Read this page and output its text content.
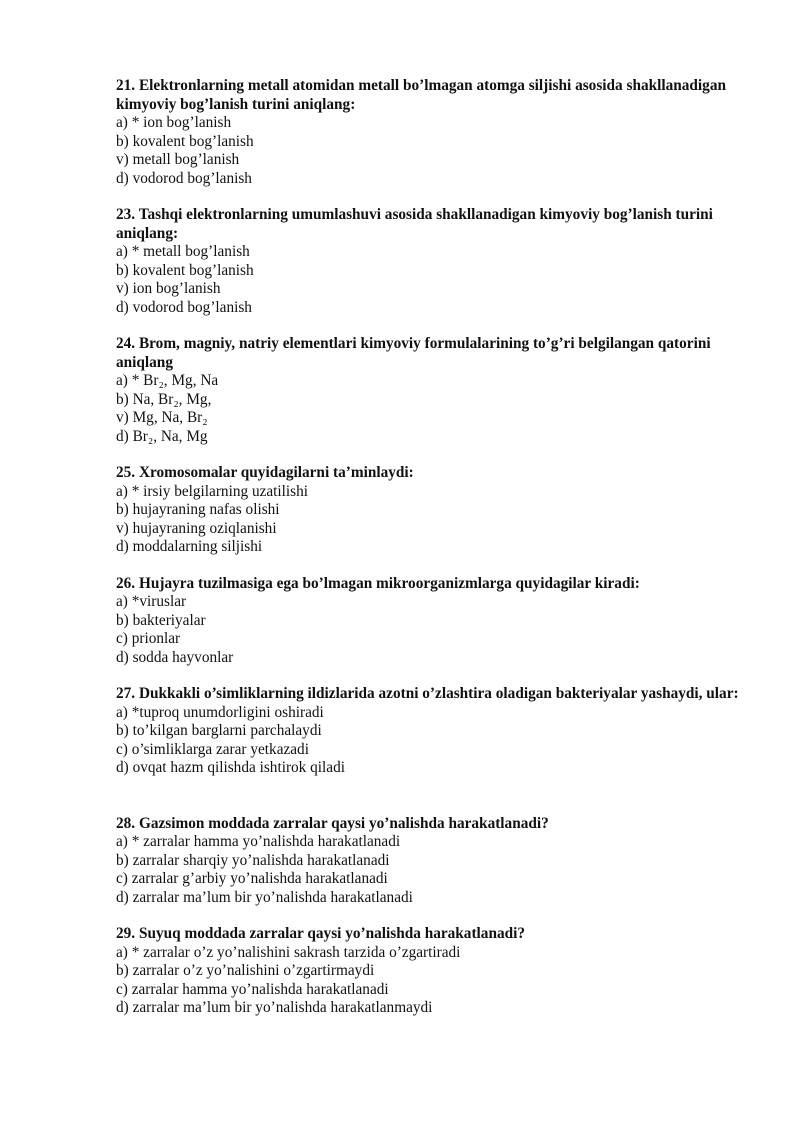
21. Elektronlarning metall atomidan metall bo’lmagan atomga siljishi asosida shakllanadigan kimyoviy bog’lanish turini aniqlang:

a) * ion bog’lanish
b) kovalent bog’lanish
v) metall bog’lanish
d) vodorod bog’lanish

23. Tashqi elektronlarning umumlashuvi asosida shakllanadigan kimyoviy bog’lanish turini aniqlang:

a) * metall bog’lanish
b) kovalent bog’lanish
v) ion bog’lanish
d) vodorod bog’lanish

24. Brom, magniy, natriy elementlari kimyoviy formulalarining to’g’ri belgilangan qatorini aniqlang

a) * Br₂, Mg, Na
b) Na, Br₂, Mg,
v) Mg, Na, Br₂
d) Br₂, Na, Mg

25. Xromosomalar quyidagilarni ta’minlaydi:

a) * irsiy belgilarning uzatilishi
b) hujayraning nafas olishi
v) hujayraning oziqlanishi
d) moddalarning siljishi

26. Hujayra tuzilmasiga ega bo’lmagan mikroorganizmlarga quyidagilar kiradi:

a) *viruslar
b) bakteriyalar
c) prionlar
d) sodda hayvonlar

27. Dukkakli o’simliklarning ildizlarida azotni o’zlashtira oladigan bakteriyalar yashaydi, ular:

a) *tuproq unumdorligini oshiradi
b) to’kilgan barglarni parchalaydi
c) o’simliklarga zarar yetkazadi
d) ovqat hazm qilishda ishtirok qiladi

28. Gazsimon moddada zarralar qaysi yo’nalishda harakatlanadi?

a) * zarralar hamma yo’nalishda harakatlanadi
b) zarralar sharqiy yo’nalishda harakatlanadi
c) zarralar g’arbiy yo’nalishda harakatlanadi
d) zarralar ma’lum bir yo’nalishda harakatlanadi

29. Suyuq moddada zarralar qaysi yo’nalishda harakatlanadi?

a) * zarralar o’z yo’nalishini sakrash tarzida o’zgartiradi
b) zarralar o’z yo’nalishini o’zgartirmaydi
c) zarralar hamma yo’nalishda harakatlanadi
d) zarralar ma’lum bir yo’nalishda harakatlanmaydi
